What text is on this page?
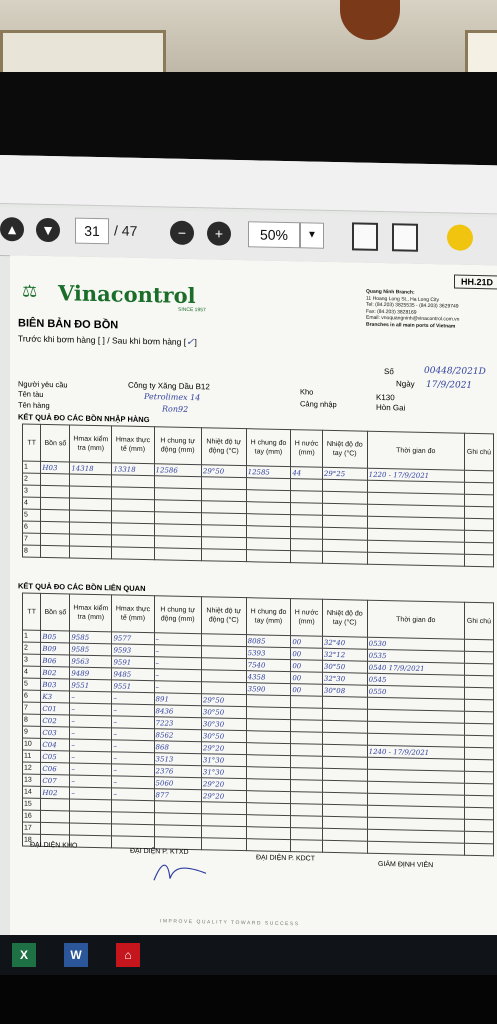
▲	▼	31	/ 47	−	+	50%	▼
HH.21D
⚖ Vinacontrol
SINCE 1957
Quang Ninh Branch:
11 Hoang Long St., Ha Long City
Tel: (84.203) 3825535 - (84.203) 3629749
Fax: (84.203) 3828169
Email: vnoquangninh@vinacontrol.com.vn
Branches in all main ports of Vietnam
BIÊN BẢN ĐO BỒN
Trước khi bơm hàng [ ] / Sau khi bơm hàng [✓]
Số	00448/2021D
Ngày 17/9/2021
Người yêu cầu	Công ty Xăng Dầu B12
Tên tàu	Petrolimex 14
Tên hàng	Ron92
Kho
K130
Cảng nhập	Hòn Gai
KẾT QUẢ ĐO CÁC BỒN NHẬP HÀNG
TT	Bồn số	Hmax kiểm tra (mm)	Hmax thực tế (mm)	H chung tự động (mm)	Nhiệt độ tự động (°C)	H chung đo tay (mm)	H nước (mm)	Nhiệt độ đo tay (°C)	Thời gian đo	Ghi chú
1	H03	14318	13318	12586	29°50	12585	44	29°25	1220 - 17/9/2021	
2										
3										
4										
5										
6										
7										
8										
KẾT QUẢ ĐO CÁC BỒN LIÊN QUAN
TT	Bồn số	Hmax kiểm tra (mm)	Hmax thực tế (mm)	H chung tự động (mm)	Nhiệt độ tự động (°C)	H chung đo tay (mm)	H nước (mm)	Nhiệt độ đo tay (°C)	Thời gian đo	Ghi chú
1	B05	9585	9577	–		8085	00	32°40	0530	
2	B09	9585	9593	–		5393	00	32°12	0535	
3	B06	9563	9591	–		7540	00	30°50	0540 17/9/2021	
4	B02	9489	9485	–		4358	00	32°30	0545	
5	B03	9551	9551	–		3590	00	30°08	0550	
6	K3	–	–	891	29°50					
7	C01	–	–	8436	30°50					
8	C02	–	–	7223	30°30					
9	C03	–	–	8562	30°50					
10	C04	–	–	868	29°20				1240 - 17/9/2021	
11	C05	–	–	3513	31°30					
12	C06	–	–	2376	31°30					
13	C07	–	–	5060	29°20					
14	H02	–	–	877	29°20					
15										
16										
17										
18										
ĐẠI DIỆN KHO
ĐẠI DIỆN P. KTXD
ĐẠI DIỆN P. KDCT
GIÁM ĐỊNH VIÊN
IMPROVE QUALITY TOWARD SUCCESS
X	W	⌂
